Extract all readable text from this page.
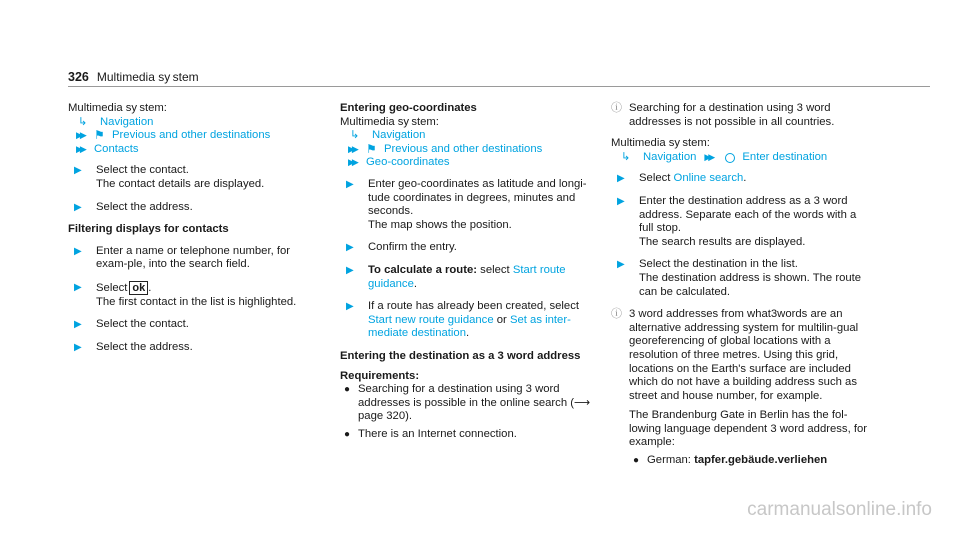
326 Multimedia sy stem

Multimedia sy stem:

↳	Navigation
▶▶ ⚑ Previous and other destinations
▶▶ Contacts
▶	Select the contact.
The contact details are displayed.
▶	Select the address.

Filtering displays for contacts

▶	Enter a name or telephone number, for exam-ple, into the search field.
▶	Select ok .
The first contact in the list is highlighted.
▶	Select the contact.
▶	Select the address.

Entering geo-coordinates

Multimedia sy stem:

↳	Navigation
▶▶ ⚑ Previous and other destinations
▶▶ Geo-coordinates
▶	Enter geo-coordinates as latitude and longi-tude coordinates in degrees, minutes and seconds.
The map shows the position.
▶	Confirm the entry.
▶	To calculate a route: select Start route guidance.
▶	If a route has already been created, select Start new route guidance or Set as inter-mediate destination.

Entering the destination as a 3 word address

Requirements:

● Searching for a destination using 3 word addresses is possible in the online search (⟶ page 320).
● There is an Internet connection.
ⓘ Searching for a destination using 3 word addresses is not possible in all countries.

Multimedia sy stem:

↳	Navigation ▶▶	Enter destination
▶	Select Online search.
▶	Enter the destination address as a 3 word address. Separate each of the words with a full stop.
The search results are displayed.
▶	Select the destination in the list.
The destination address is shown. The route can be calculated.
ⓘ 3 word addresses from what3words are an alternative addressing system for multilin-gual georeferencing of global locations with a resolution of three metres. Using this grid, locations on the Earth's surface are included which do not have a building address such as street and house number, for example.
The Brandenburg Gate in Berlin has the fol-lowing language dependent 3 word address, for example:
● German: tapfer.gebäude.verliehen
carmanualsonline.info
